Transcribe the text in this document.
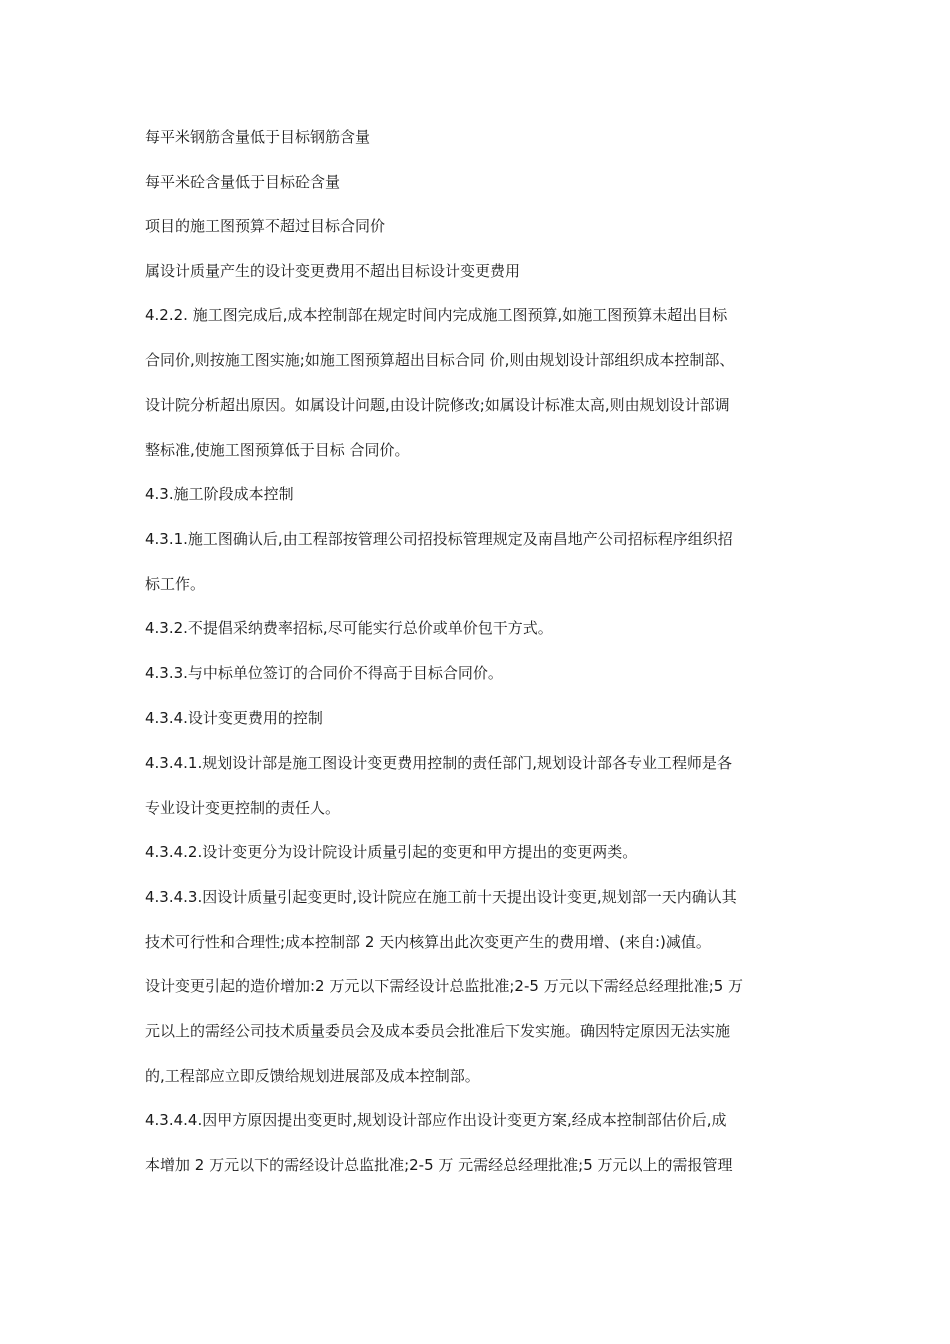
每平米钢筋含量低于目标钢筋含量
每平米砼含量低于目标砼含量
项目的施工图预算不超过目标合同价
属设计质量产生的设计变更费用不超出目标设计变更费用
4.2.2. 施工图完成后,成本控制部在规定时间内完成施工图预算,如施工图预算未超出目标
合同价,则按施工图实施;如施工图预算超出目标合同 价,则由规划设计部组织成本控制部、
设计院分析超出原因。如属设计问题,由设计院修改;如属设计标准太高,则由规划设计部调
整标准,使施工图预算低于目标 合同价。
4.3.施工阶段成本控制
4.3.1.施工图确认后,由工程部按管理公司招投标管理规定及南昌地产公司招标程序组织招
标工作。
4.3.2.不提倡采纳费率招标,尽可能实行总价或单价包干方式。
4.3.3.与中标单位签订的合同价不得高于目标合同价。
4.3.4.设计变更费用的控制
4.3.4.1.规划设计部是施工图设计变更费用控制的责任部门,规划设计部各专业工程师是各
专业设计变更控制的责任人。
4.3.4.2.设计变更分为设计院设计质量引起的变更和甲方提出的变更两类。
4.3.4.3.因设计质量引起变更时,设计院应在施工前十天提出设计变更,规划部一天内确认其
技术可行性和合理性;成本控制部 2 天内核算出此次变更产生的费用增、(来自:)减值。
设计变更引起的造价增加:2 万元以下需经设计总监批准;2-5 万元以下需经总经理批准;5 万
元以上的需经公司技术质量委员会及成本委员会批准后下发实施。确因特定原因无法实施
的,工程部应立即反馈给规划进展部及成本控制部。
4.3.4.4.因甲方原因提出变更时,规划设计部应作出设计变更方案,经成本控制部估价后,成
本增加 2 万元以下的需经设计总监批准;2-5 万 元需经总经理批准;5 万元以上的需报管理
